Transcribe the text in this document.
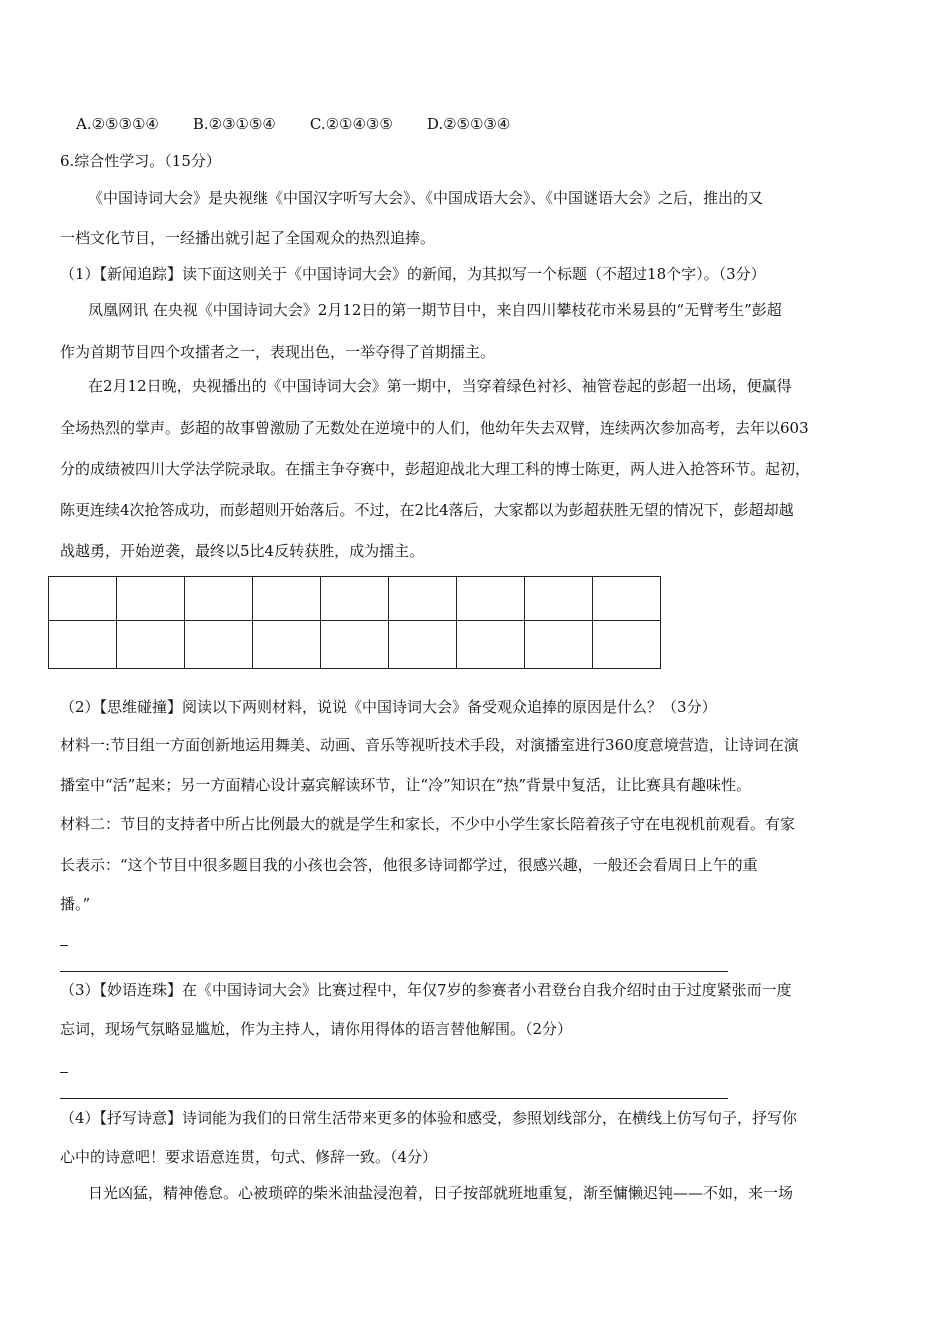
A.②⑤③①④ B.②③①⑤④ C.②①④③⑤ D.②⑤①③④
6.综合性学习。（15分）
《中国诗词大会》是央视继《中国汉字听写大会》、《中国成语大会》、《中国谜语大会》之后，推出的又
一档文化节目，一经播出就引起了全国观众的热烈追捧。
（1）【新闻追踪】读下面这则关于《中国诗词大会》的新闻，为其拟写一个标题（不超过18个字）。（3分）
凤凰网讯 在央视《中国诗词大会》2月12日的第一期节目中，来自四川攀枝花市米易县的“无臂考生”彭超
作为首期节目四个攻擂者之一，表现出色，一举夺得了首期擂主。
在2月12日晚，央视播出的《中国诗词大会》第一期中，当穿着绿色衬衫、袖管卷起的彭超一出场，便赢得
全场热烈的掌声。彭超的故事曾激励了无数处在逆境中的人们，他幼年失去双臂，连续两次参加高考，去年以603
分的成绩被四川大学法学院录取。在擂主争夺赛中，彭超迎战北大理工科的博士陈更，两人进入抢答环节。起初，
陈更连续4次抢答成功，而彭超则开始落后。不过，在2比4落后，大家都以为彭超获胜无望的情况下，彭超却越
战越勇，开始逆袭，最终以5比4反转获胜，成为擂主。
（2）【思维碰撞】阅读以下两则材料，说说《中国诗词大会》备受观众追捧的原因是什么？（3分）
材料一:节目组一方面创新地运用舞美、动画、音乐等视听技术手段，对演播室进行360度意境营造，让诗词在演
播室中“活”起来；另一方面精心设计嘉宾解读环节，让“冷”知识在“热”背景中复活，让比赛具有趣味性。
材料二：节目的支持者中所占比例最大的就是学生和家长，不少中小学生家长陪着孩子守在电视机前观看。有家
长表示：“这个节目中很多题目我的小孩也会答，他很多诗词都学过，很感兴趣，一般还会看周日上午的重
播。”
（3）【妙语连珠】在《中国诗词大会》比赛过程中，年仅7岁的参赛者小君登台自我介绍时由于过度紧张而一度
忘词，现场气氛略显尴尬，作为主持人，请你用得体的语言替他解围。（2分）
（4）【抒写诗意】诗词能为我们的日常生活带来更多的体验和感受，参照划线部分，在横线上仿写句子，抒写你
心中的诗意吧！要求语意连贯，句式、修辞一致。（4分）
日光凶猛，精神倦怠。心被琐碎的柴米油盐浸泡着，日子按部就班地重复，渐至慵懒迟钝——不如，来一场
